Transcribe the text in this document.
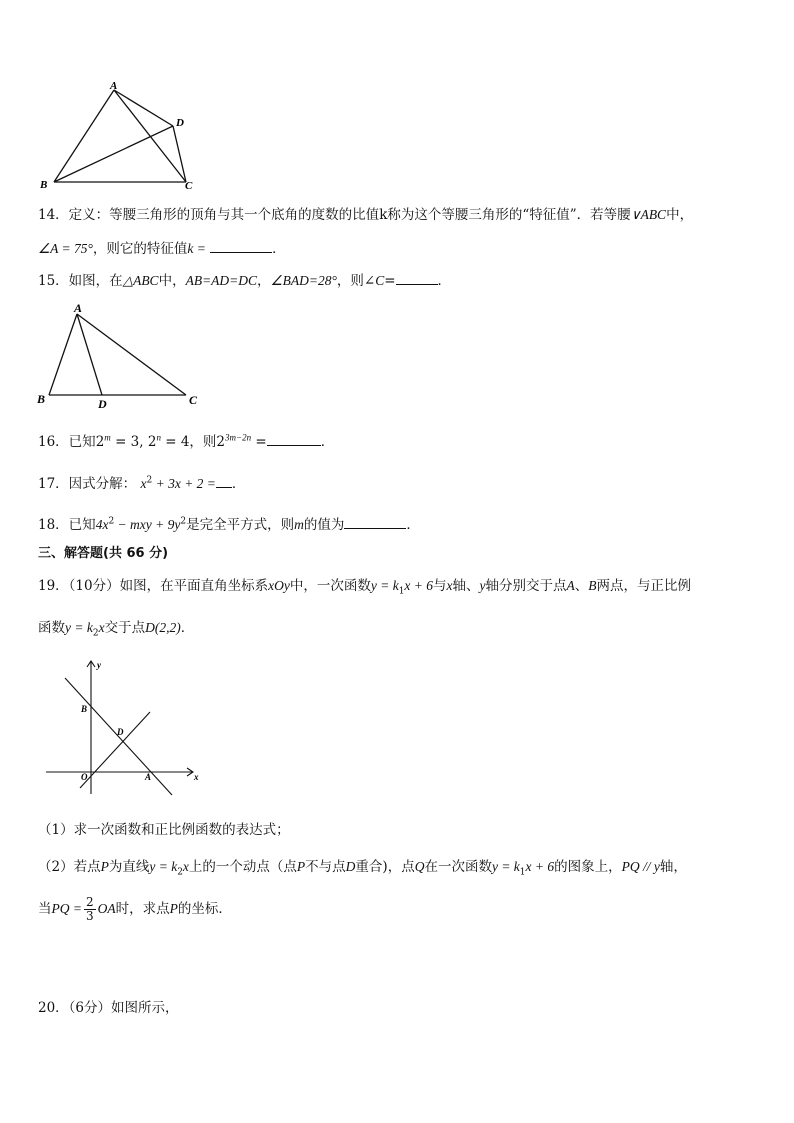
A
B	C
D
14．定义：等腰三角形的顶角与其一个底角的度数的比值k称为这个等腰三角形的“特征值”．若等腰∨ABC中，
∠A = 75°，则它的特征值k =	．
15．如图，在△ABC中，AB=AD=DC，∠BAD=28°，则∠C=	．
A
B	C
D
16．已知$2^m = 3$, $2^n = 4$，则$2^{3m-2n}$ =	．
17．因式分解： $x^2 + 3x + 2$ = ．
18．已知$4x^2$ − mxy + $9y^2$是完全平方式，则m的值为	．
三、解答题(共 66 分)
19．（10分）如图，在平面直角坐标系xOy中，一次函数$y = k_1x + 6$与x轴、y轴分别交于点A、B两点，与正比例
函数$y = k_2x$交于点D(2,2)．
y
x
B
D
O	A
（1）求一次函数和正比例函数的表达式；
（2）若点P为直线$y = k_2x$上的一个动点（点P不与点D重合)，点Q在一次函数$y = k_1x + 6$的图象上，PQ // y轴，
当PQ = $\frac{2}{3}$ OA时，求点P的坐标．
20．（6分）如图所示，
